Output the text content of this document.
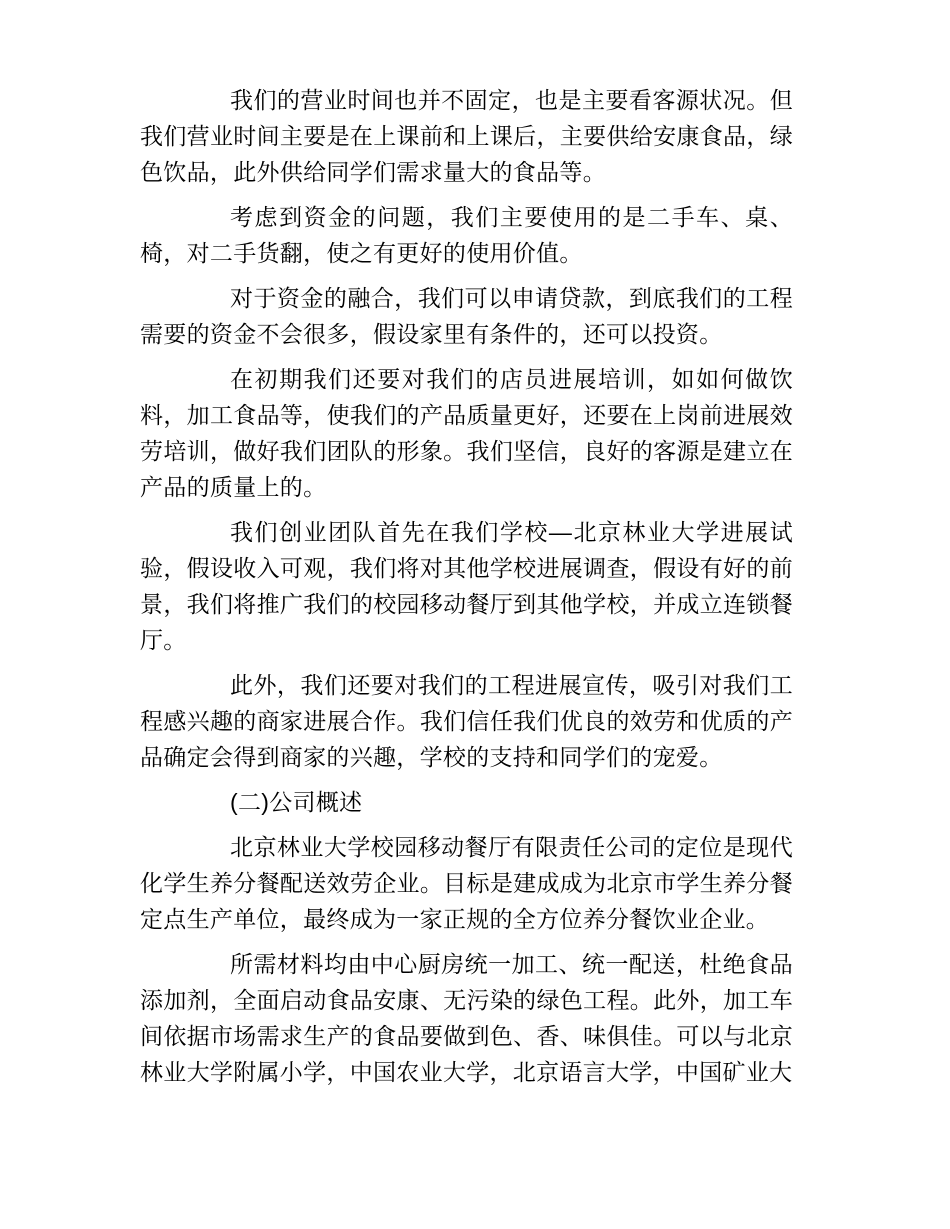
我们的营业时间也并不固定，也是主要看客源状况。但我们营业时间主要是在上课前和上课后，主要供给安康食品，绿色饮品，此外供给同学们需求量大的食品等。

考虑到资金的问题，我们主要使用的是二手车、桌、椅，对二手货翻，使之有更好的使用价值。

对于资金的融合，我们可以申请贷款，到底我们的工程需要的资金不会很多，假设家里有条件的，还可以投资。

在初期我们还要对我们的店员进展培训，如如何做饮料，加工食品等，使我们的产品质量更好，还要在上岗前进展效劳培训，做好我们团队的形象。我们坚信，良好的客源是建立在产品的质量上的。

我们创业团队首先在我们学校—北京林业大学进展试验，假设收入可观，我们将对其他学校进展调查，假设有好的前景，我们将推广我们的校园移动餐厅到其他学校，并成立连锁餐厅。

此外，我们还要对我们的工程进展宣传，吸引对我们工程感兴趣的商家进展合作。我们信任我们优良的效劳和优质的产品确定会得到商家的兴趣，学校的支持和同学们的宠爱。

(二)公司概述

北京林业大学校园移动餐厅有限责任公司的定位是现代化学生养分餐配送效劳企业。目标是建成成为北京市学生养分餐定点生产单位，最终成为一家正规的全方位养分餐饮业企业。

所需材料均由中心厨房统一加工、统一配送，杜绝食品添加剂，全面启动食品安康、无污染的绿色工程。此外，加工车间依据市场需求生产的食品要做到色、香、味俱佳。可以与北京林业大学附属小学，中国农业大学，北京语言大学，中国矿业大
